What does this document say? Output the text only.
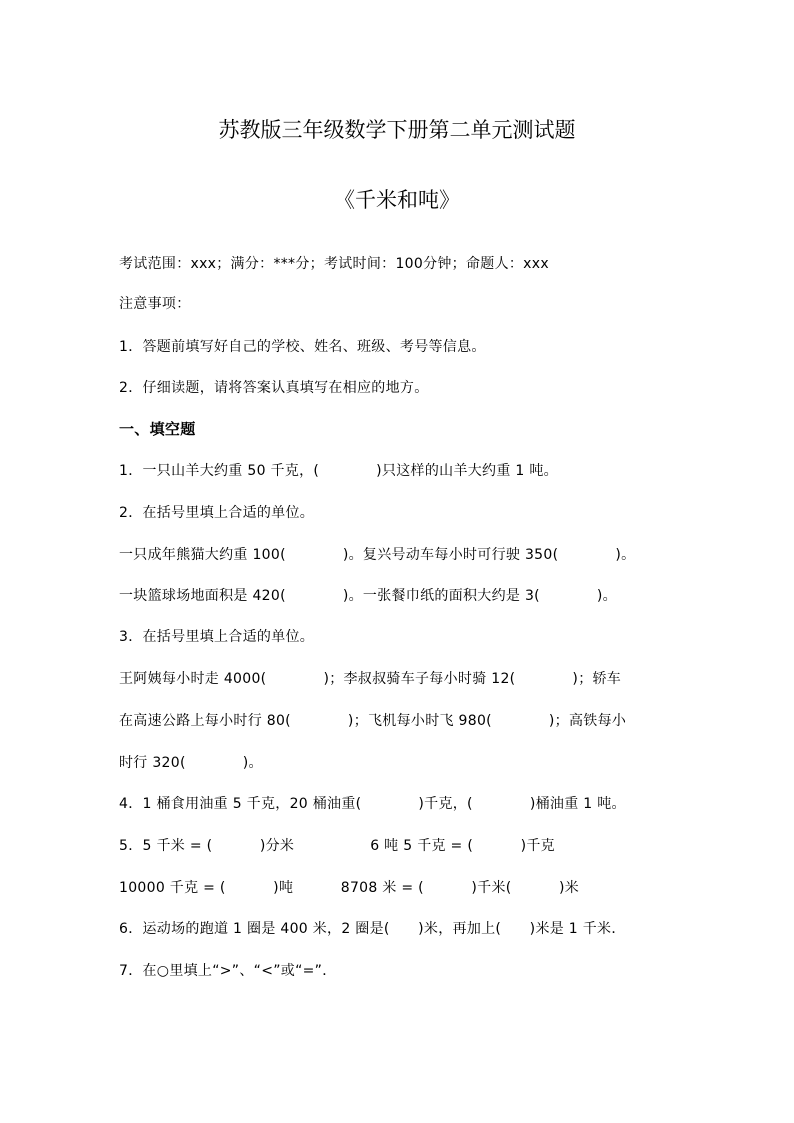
苏教版三年级数学下册第二单元测试题
《千米和吨》
考试范围：xxx；满分：***分；考试时间：100分钟；命题人：xxx
注意事项：
1．答题前填写好自己的学校、姓名、班级、考号等信息。
2．仔细读题，请将答案认真填写在相应的地方。
一、填空题
1．一只山羊大约重 50 千克，(            )只这样的山羊大约重 1 吨。
2．在括号里填上合适的单位。
一只成年熊猫大约重 100(            )。复兴号动车每小时可行驶 350(            )。
一块篮球场地面积是 420(            )。一张餐巾纸的面积大约是 3(            )。
3．在括号里填上合适的单位。
王阿姨每小时走 4000(            )；李叔叔骑车子每小时骑 12(            )；轿车
在高速公路上每小时行 80(            )；飞机每小时飞 980(            )；高铁每小
时行 320(            )。
4．1 桶食用油重 5 千克，20 桶油重(            )千克，(            )桶油重 1 吨。
5．5 千米 = (          )分米                6 吨 5 千克 = (          )千克
10000 千克 = (          )吨          8708 米 = (          )千米(          )米
6．运动场的跑道 1 圈是 400 米，2 圈是(      )米，再加上(      )米是 1 千米．
7．在○里填上“>”、“<”或“=”．
